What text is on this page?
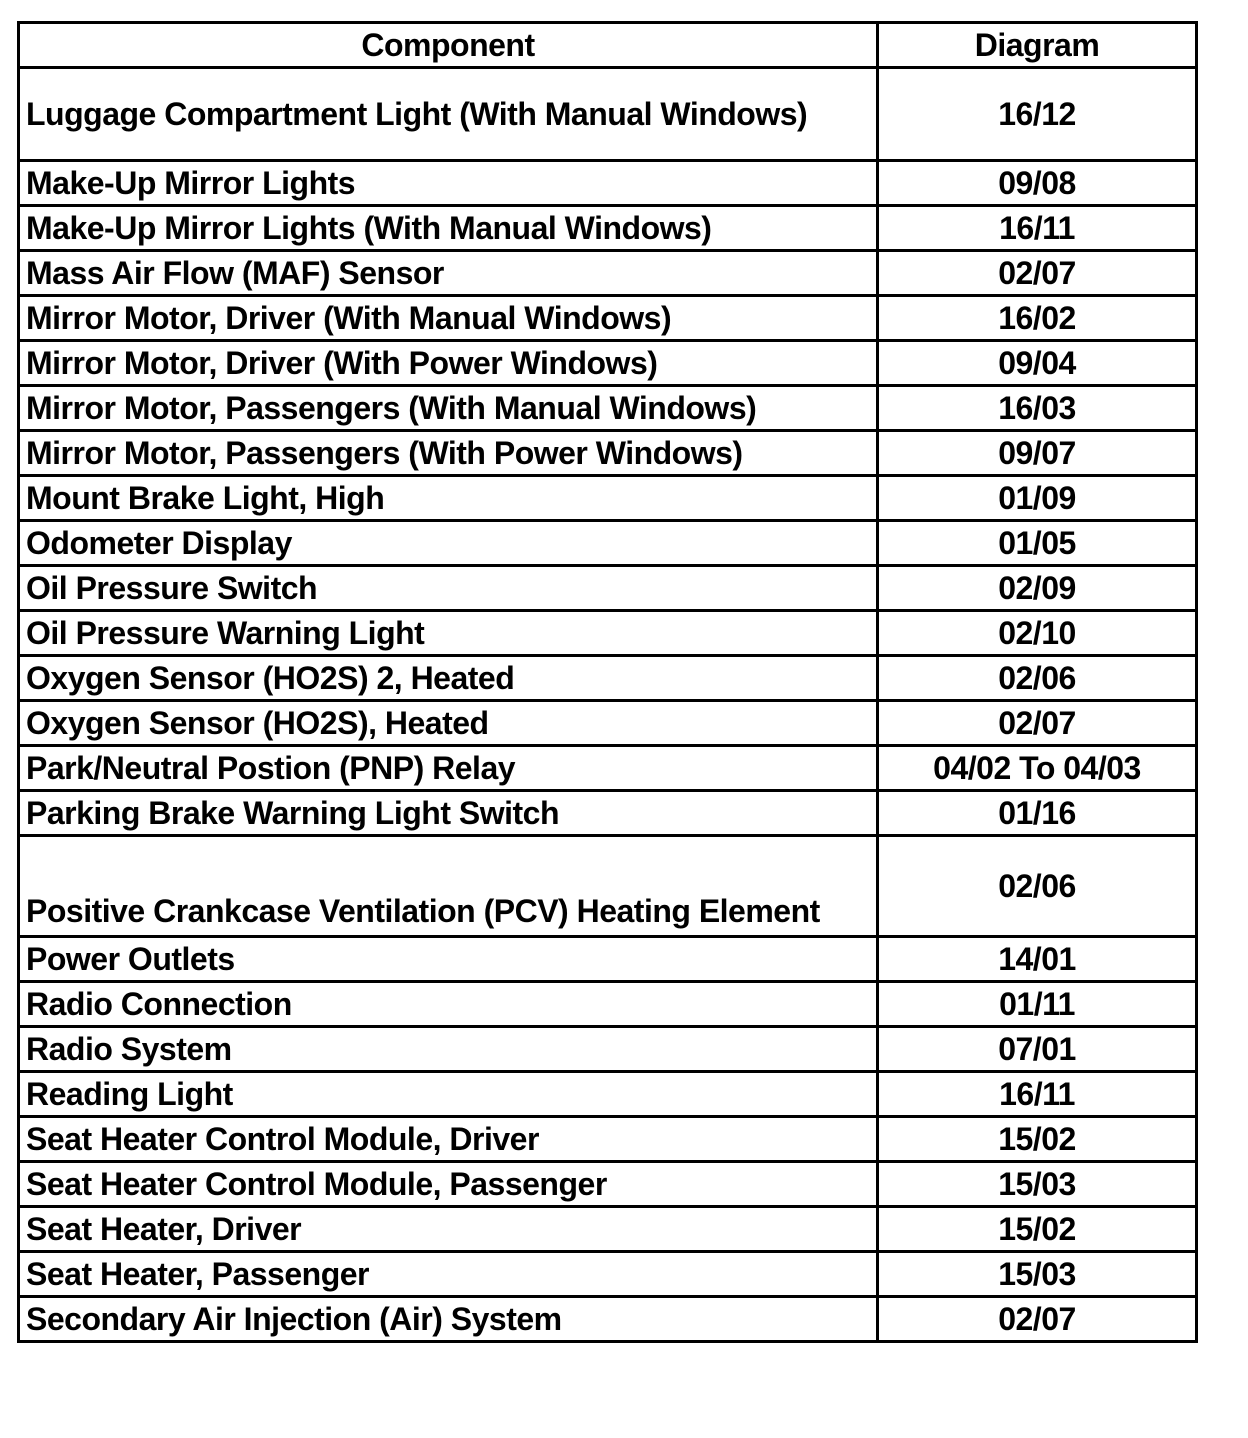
Component	Diagram
Luggage Compartment Light (With Manual Windows)	16/12
Make-Up Mirror Lights	09/08
Make-Up Mirror Lights (With Manual Windows)	16/11
Mass Air Flow (MAF) Sensor	02/07
Mirror Motor, Driver (With Manual Windows)	16/02
Mirror Motor, Driver (With Power Windows)	09/04
Mirror Motor, Passengers (With Manual Windows)	16/03
Mirror Motor, Passengers (With Power Windows)	09/07
Mount Brake Light, High	01/09
Odometer Display	01/05
Oil Pressure Switch	02/09
Oil Pressure Warning Light	02/10
Oxygen Sensor (HO2S) 2, Heated	02/06
Oxygen Sensor (HO2S), Heated	02/07
Park/Neutral Postion (PNP) Relay	04/02 To 04/03
Parking Brake Warning Light Switch	01/16
Positive Crankcase Ventilation (PCV) Heating Element	02/06
Power Outlets	14/01
Radio Connection	01/11
Radio System	07/01
Reading Light	16/11
Seat Heater Control Module, Driver	15/02
Seat Heater Control Module, Passenger	15/03
Seat Heater, Driver	15/02
Seat Heater, Passenger	15/03
Secondary Air Injection (Air) System	02/07
